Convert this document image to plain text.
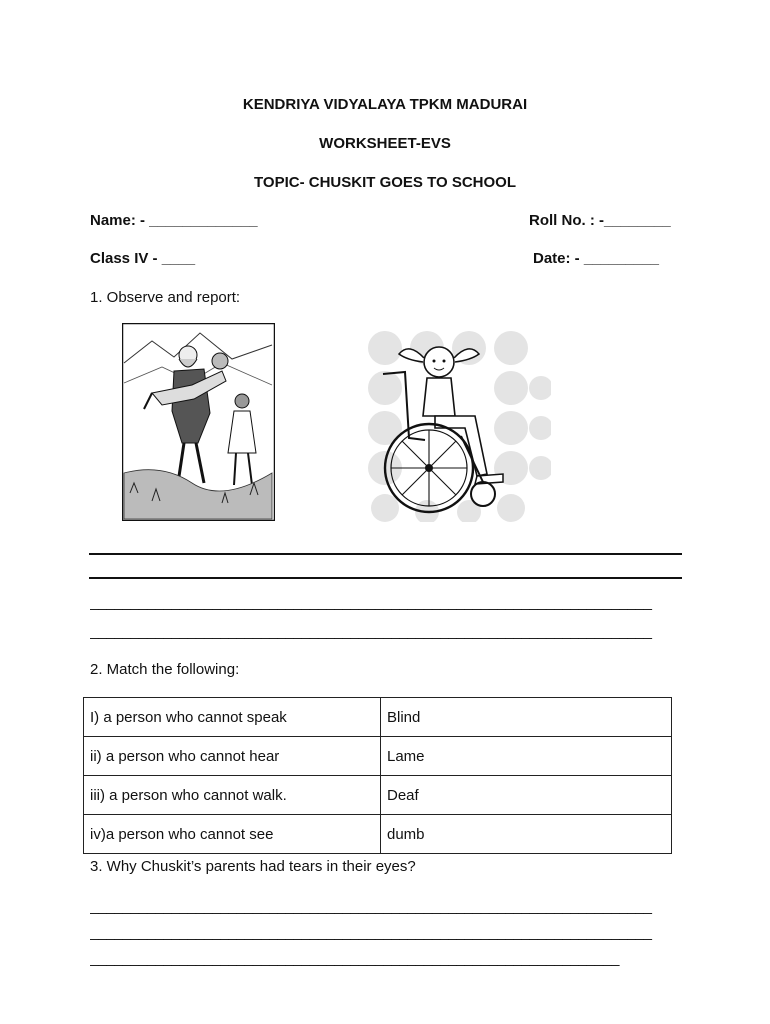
KENDRIYA VIDYALAYA TPKM MADURAI
WORKSHEET-EVS
TOPIC- CHUSKIT GOES TO SCHOOL
Name: - _____________	Roll No. : -________
Class IV - ____	Date: - _________
1. Observe and report:
_____________________________________________________________________
_____________________________________________________________________
2. Match the following:
I) a person who cannot speak	Blind
ii) a person who cannot hear	Lame
iii) a person who cannot walk.	Deaf
iv)a person who cannot see	dumb
3. Why Chuskit’s parents had tears in their eyes?
_____________________________________________________________________
_____________________________________________________________________
_________________________________________________________________
